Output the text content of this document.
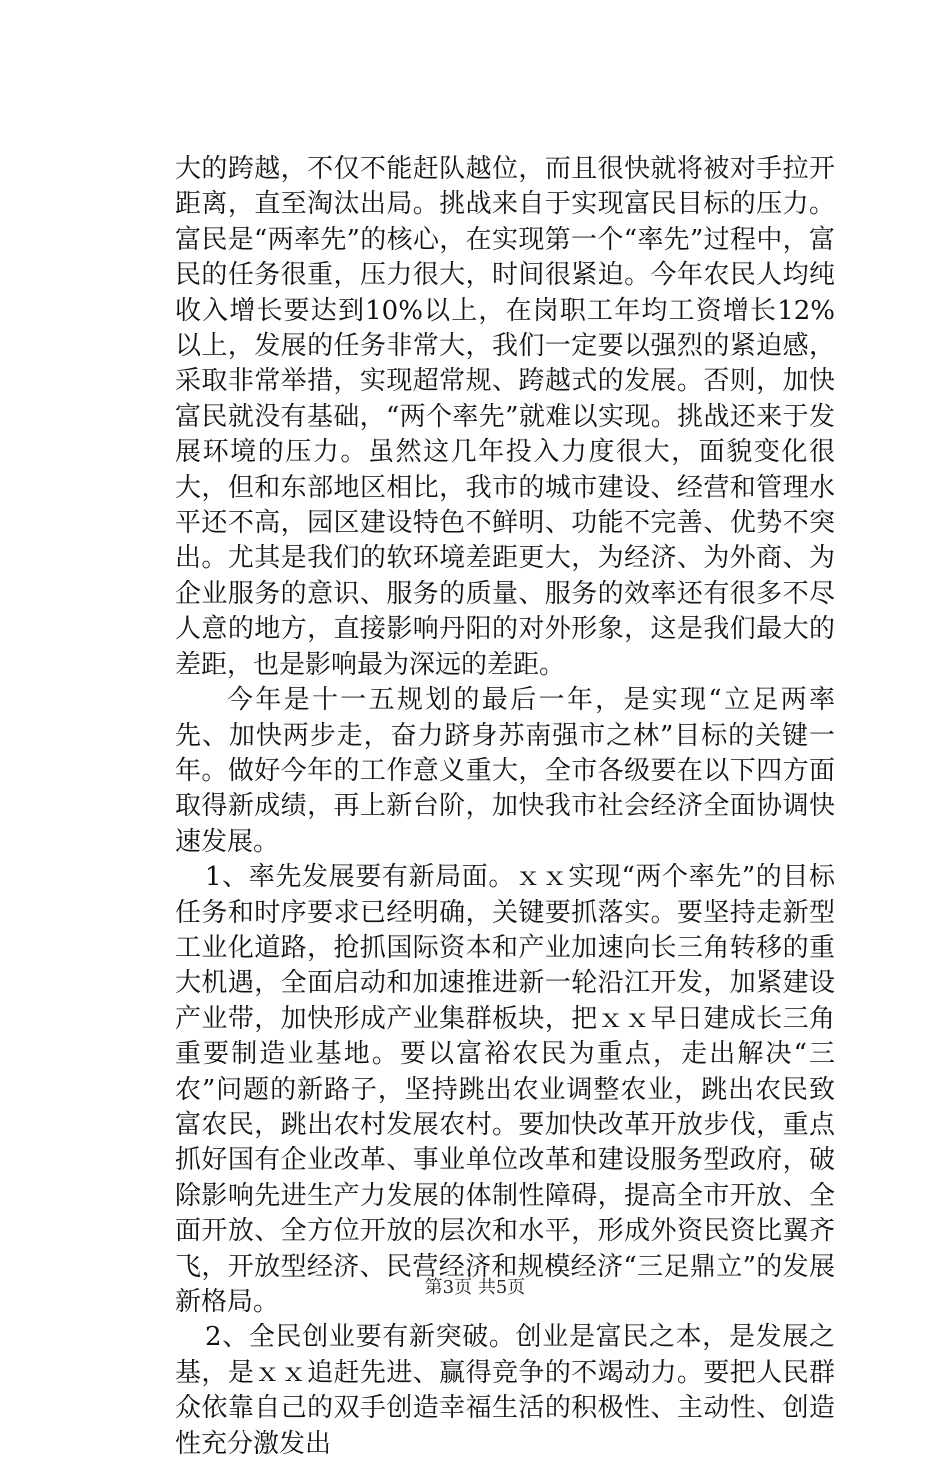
大的跨越，不仅不能赶队越位，而且很快就将被对手拉开距离，直至淘汰出局。挑战来自于实现富民目标的压力。富民是“两率先”的核心，在实现第一个“率先”过程中，富民的任务很重，压力很大，时间很紧迫。今年农民人均纯收入增长要达到10%以上，在岗职工年均工资增长12%以上，发展的任务非常大，我们一定要以强烈的紧迫感，采取非常举措，实现超常规、跨越式的发展。否则，加快富民就没有基础，“两个率先”就难以实现。挑战还来于发展环境的压力。虽然这几年投入力度很大，面貌变化很大，但和东部地区相比，我市的城市建设、经营和管理水平还不高，园区建设特色不鲜明、功能不完善、优势不突出。尤其是我们的软环境差距更大，为经济、为外商、为企业服务的意识、服务的质量、服务的效率还有很多不尽人意的地方，直接影响丹阳的对外形象，这是我们最大的差距，也是影响最为深远的差距。

今年是十一五规划的最后一年，是实现“立足两率先、加快两步走，奋力跻身苏南强市之林”目标的关键一年。做好今年的工作意义重大，全市各级要在以下四方面取得新成绩，再上新台阶，加快我市社会经济全面协调快速发展。

1、率先发展要有新局面。ｘｘ实现“两个率先”的目标任务和时序要求已经明确，关键要抓落实。要坚持走新型工业化道路，抢抓国际资本和产业加速向长三角转移的重大机遇，全面启动和加速推进新一轮沿江开发，加紧建设产业带，加快形成产业集群板块，把ｘｘ早日建成长三角重要制造业基地。要以富裕农民为重点，走出解决“三农”问题的新路子，坚持跳出农业调整农业，跳出农民致富农民，跳出农村发展农村。要加快改革开放步伐，重点抓好国有企业改革、事业单位改革和建设服务型政府，破除影响先进生产力发展的体制性障碍，提高全市开放、全面开放、全方位开放的层次和水平，形成外资民资比翼齐飞，开放型经济、民营经济和规模经济“三足鼎立”的发展新格局。

2、全民创业要有新突破。创业是富民之本，是发展之基，是ｘｘ追赶先进、赢得竞争的不竭动力。要把人民群众依靠自己的双手创造幸福生活的积极性、主动性、创造性充分激发出

第3页 共5页
